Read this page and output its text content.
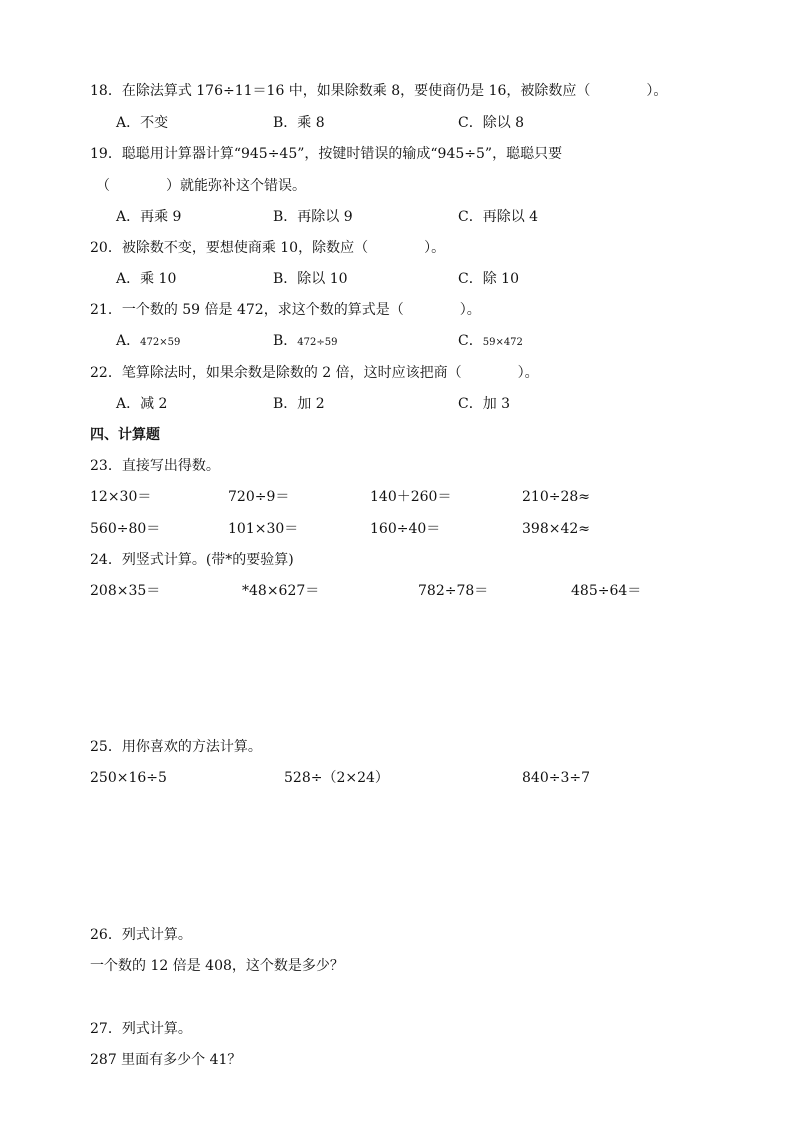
18．在除法算式 176÷11＝16 中，如果除数乘 8，要使商仍是 16，被除数应（　　　　）。
A．不变	B．乘 8	C．除以 8
19．聪聪用计算器计算“945÷45”，按键时错误的输成“945÷5”，聪聪只要
（　　　　）就能弥补这个错误。
A．再乘 9	B．再除以 9	C．再除以 4
20．被除数不变，要想使商乘 10，除数应（　　　　）。
A．乘 10	B．除以 10	C．除 10
21．一个数的 59 倍是 472，求这个数的算式是（　　　　）。
A．472×59	B．472÷59	C．59×472
22．笔算除法时，如果余数是除数的 2 倍，这时应该把商（　　　　）。
A．减 2	B．加 2	C．加 3
四、计算题
23．直接写出得数。
12×30＝	720÷9＝	140＋260＝	210÷28≈
560÷80＝	101×30＝	160÷40＝	398×42≈
24．列竖式计算。(带*的要验算)
208×35＝	*48×627＝	782÷78＝	485÷64＝
25．用你喜欢的方法计算。
250×16÷5	528÷（2×24）	840÷3÷7
26．列式计算。
一个数的 12 倍是 408，这个数是多少？
27．列式计算。
287 里面有多少个 41？
